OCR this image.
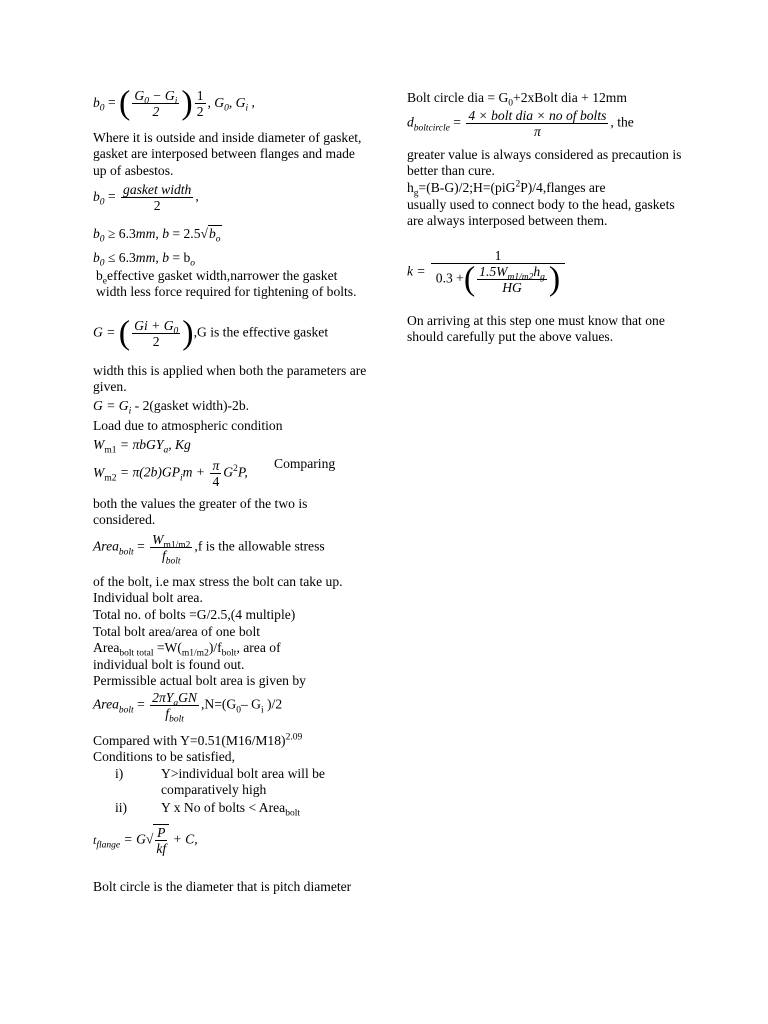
$b_0$ = ( $\frac{G_0 - G_i}{2}$ ) $\frac{1}{2}$ , $G_0$, $G_i$ ,
Where it is outside and inside diameter of gasket, gasket are interposed between flanges and made up of asbestos.
$b_0 = \frac{\text{gasket width}}{2}$ ,
$b_0 \ge 6.3mm$, $b = 2.5√b_o$
$b_0 \le 6.3mm$, $b = b_o$
$b_eeffective$ gasket width,narrower the gasket width less force required for tightening of bolts.
G = ( $\frac{Gi + G_0}{2} ),G$ is the effective gasket
width this is applied when both the parameters are given.
$G = G_i$ - 2(gasket width)-2b.
Load due to atmospheric condition
$W_{m1} = \pi bGY_a$, Kg
$W_{m2} = \pi(2b)GP_im + \frac{\pi}{4} G^2P$,
Comparing
both the values the greater of the two is considered.
Area$_{bolt}$ = $\frac{W_{m1/m2}}{f_{bolt}} ,f$ is the allowable stress
of the bolt, i.e max stress the bolt can take up. Individual bolt area.
Total no. of bolts =G/2.5,(4 multiple)
Total bolt area/area of one bolt
Area$_{bolt total}$ $=W(_{m1/m2})/f_{bolt}$, area of
individual bolt is found out.
Permissible actual bolt area is given by
Area$_{bolt}$ = $\frac{2\pi Y_aGN}{f_{bolt}} ,N=(G_0-$ $G_i$ )/2
Compared with $Y=0.51(M16/M18)^{2.09}$
Conditions to be satisfied,
i)	Y>individual bolt area will be comparatively high
ii) Y x No of bolts < Area$_{bolt}$
$t_{flange} = G√ \frac{P}{kf} + C$,
Bolt circle is the diameter that is pitch diameter
Bolt circle dia = $G_0+2xBolt$ dia + 12mm
$d_{boltcircle} = \frac{\text{4 × bolt dia × no of bolts}}{\pi}$ , the
greater value is always considered as precaution is better than cure.
$h_g=(B-G)/2;H=(piG^2P)/4,flanges$ are
usually used to connect body to the head, gaskets are always interposed between them.
$k = \frac{1}{0.3 +( \frac{1.5W_{m1/m2}h_g}{HG} )}$
On arriving at this step one must know that one should carefully put the above values.
